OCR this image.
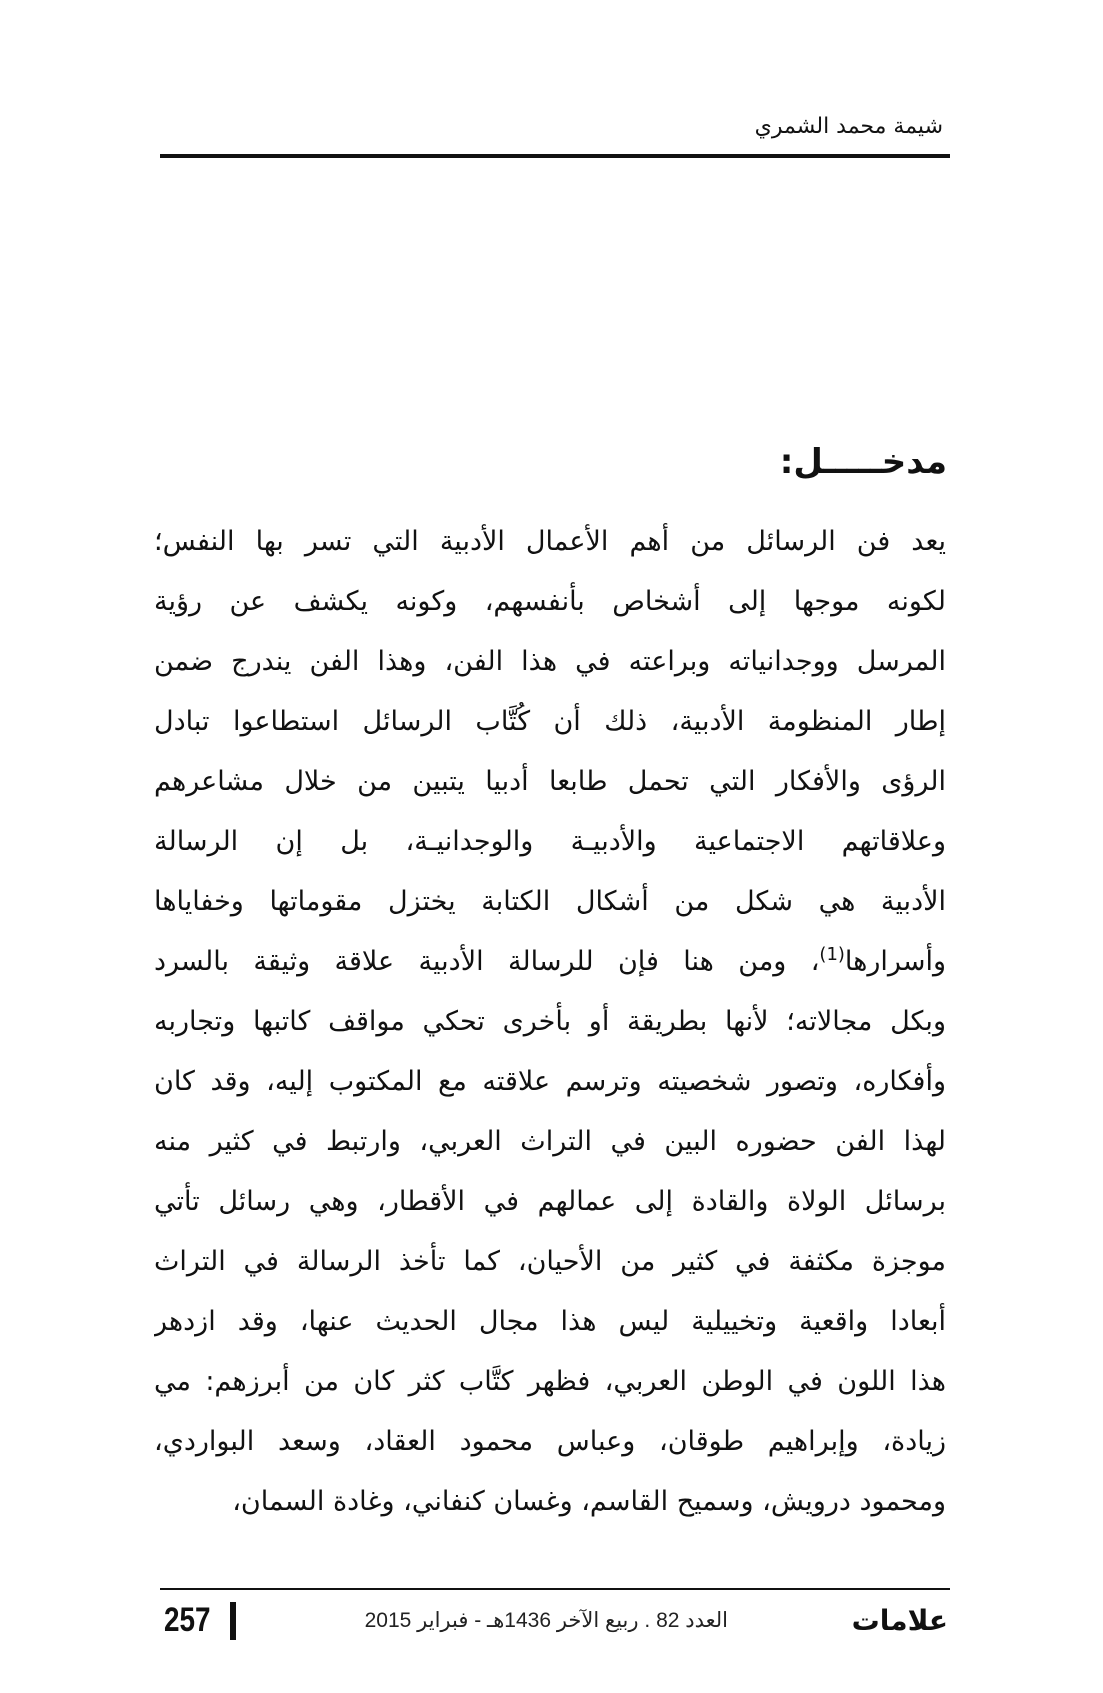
شيمة محمد الشمري
مدخـــــل:
يعد فن الرسائل من أهم الأعمال الأدبية التي تسر بها النفس؛
لكونه موجها إلى أشخاص بأنفسهم، وكونه يكشف عن رؤية
المرسل ووجدانياته وبراعته في هذا الفن، وهذا الفن يندرج ضمن
إطار المنظومة الأدبية، ذلك أن كُتَّاب الرسائل استطاعوا تبادل
الرؤى والأفكار التي تحمل طابعا أدبيا يتبين من خلال مشاعرهم
وعلاقاتهم الاجتماعية والأدبيـة والوجدانيـة، بل إن الرسالة
الأدبية هي شكل من أشكال الكتابة يختزل مقوماتها وخفاياها
وأسرارها$^{(1)}$، ومن هنا فإن للرسالة الأدبية علاقة وثيقة بالسرد
وبكل مجالاته؛ لأنها بطريقة أو بأخرى تحكي مواقف كاتبها وتجاربه
وأفكاره، وتصور شخصيته وترسم علاقته مع المكتوب إليه، وقد كان
لهذا الفن حضوره البين في التراث العربي، وارتبط في كثير منه
برسائل الولاة والقادة إلى عمالهم في الأقطار، وهي رسائل تأتي
موجزة مكثفة في كثير من الأحيان، كما تأخذ الرسالة في التراث
أبعادا واقعية وتخييلية ليس هذا مجال الحديث عنها، وقد ازدهر
هذا اللون في الوطن العربي، فظهر كتَّاب كثر كان من أبرزهم: مي
زيادة، وإبراهيم طوقان، وعباس محمود العقاد، وسعد البواردي،
ومحمود درويش، وسميح القاسم، وغسان كنفاني، وغادة السمان،
257	العدد 82 . ربيع الآخر 1436هـ - فبراير 2015	علامات
